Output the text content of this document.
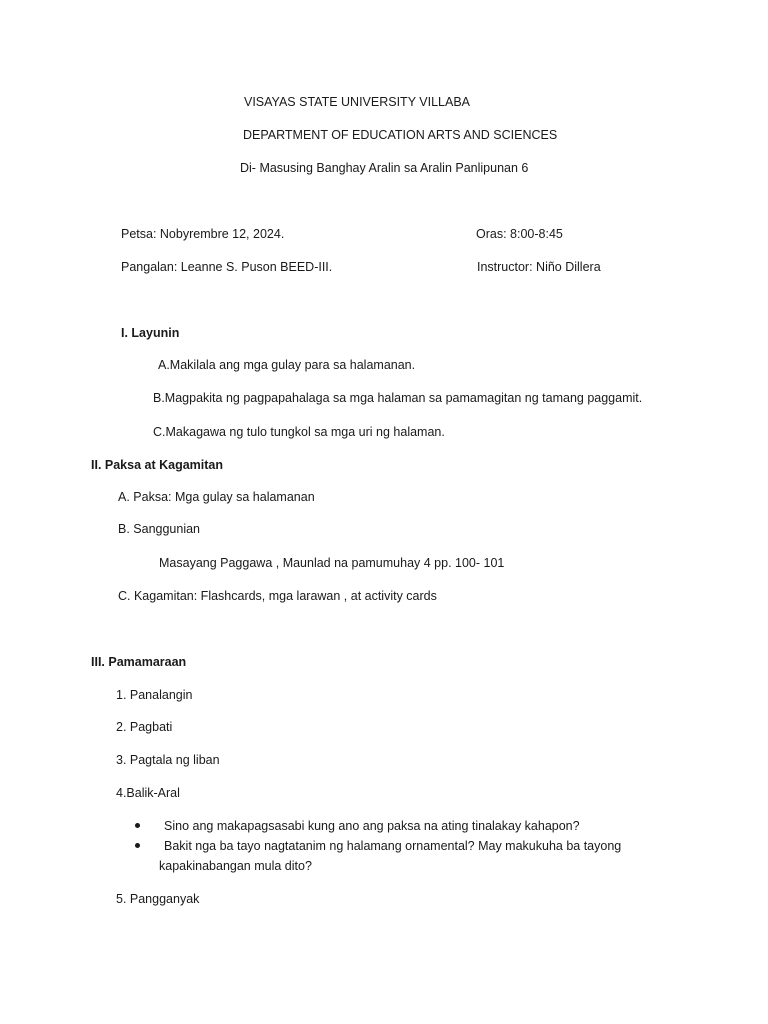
VISAYAS STATE UNIVERSITY VILLABA
DEPARTMENT OF EDUCATION ARTS AND SCIENCES
Di- Masusing Banghay Aralin sa Aralin Panlipunan 6
Petsa: Nobyrembre 12, 2024.	Oras: 8:00-8:45
Pangalan: Leanne S. Puson BEED-III.	Instructor: Niño Dillera
I. Layunin
A.Makilala ang mga gulay para sa halamanan.
B.Magpakita ng pagpapahalaga sa mga halaman sa pamamagitan ng tamang paggamit.
C.Makagawa ng tulo tungkol sa mga uri ng halaman.
II. Paksa at Kagamitan
A. Paksa: Mga gulay sa halamanan
B. Sanggunian
Masayang Paggawa , Maunlad na pamumuhay 4 pp. 100- 101
C. Kagamitan: Flashcards, mga larawan , at activity cards
III. Pamamaraan
1. Panalangin
2. Pagbati
3. Pagtala ng liban
4.Balik-Aral
Sino ang makapagsasabi kung ano ang paksa na ating tinalakay kahapon?
Bakit nga ba tayo nagtatanim ng halamang ornamental? May makukuha ba tayong
kapakinabangan mula dito?
5. Pangganyak
